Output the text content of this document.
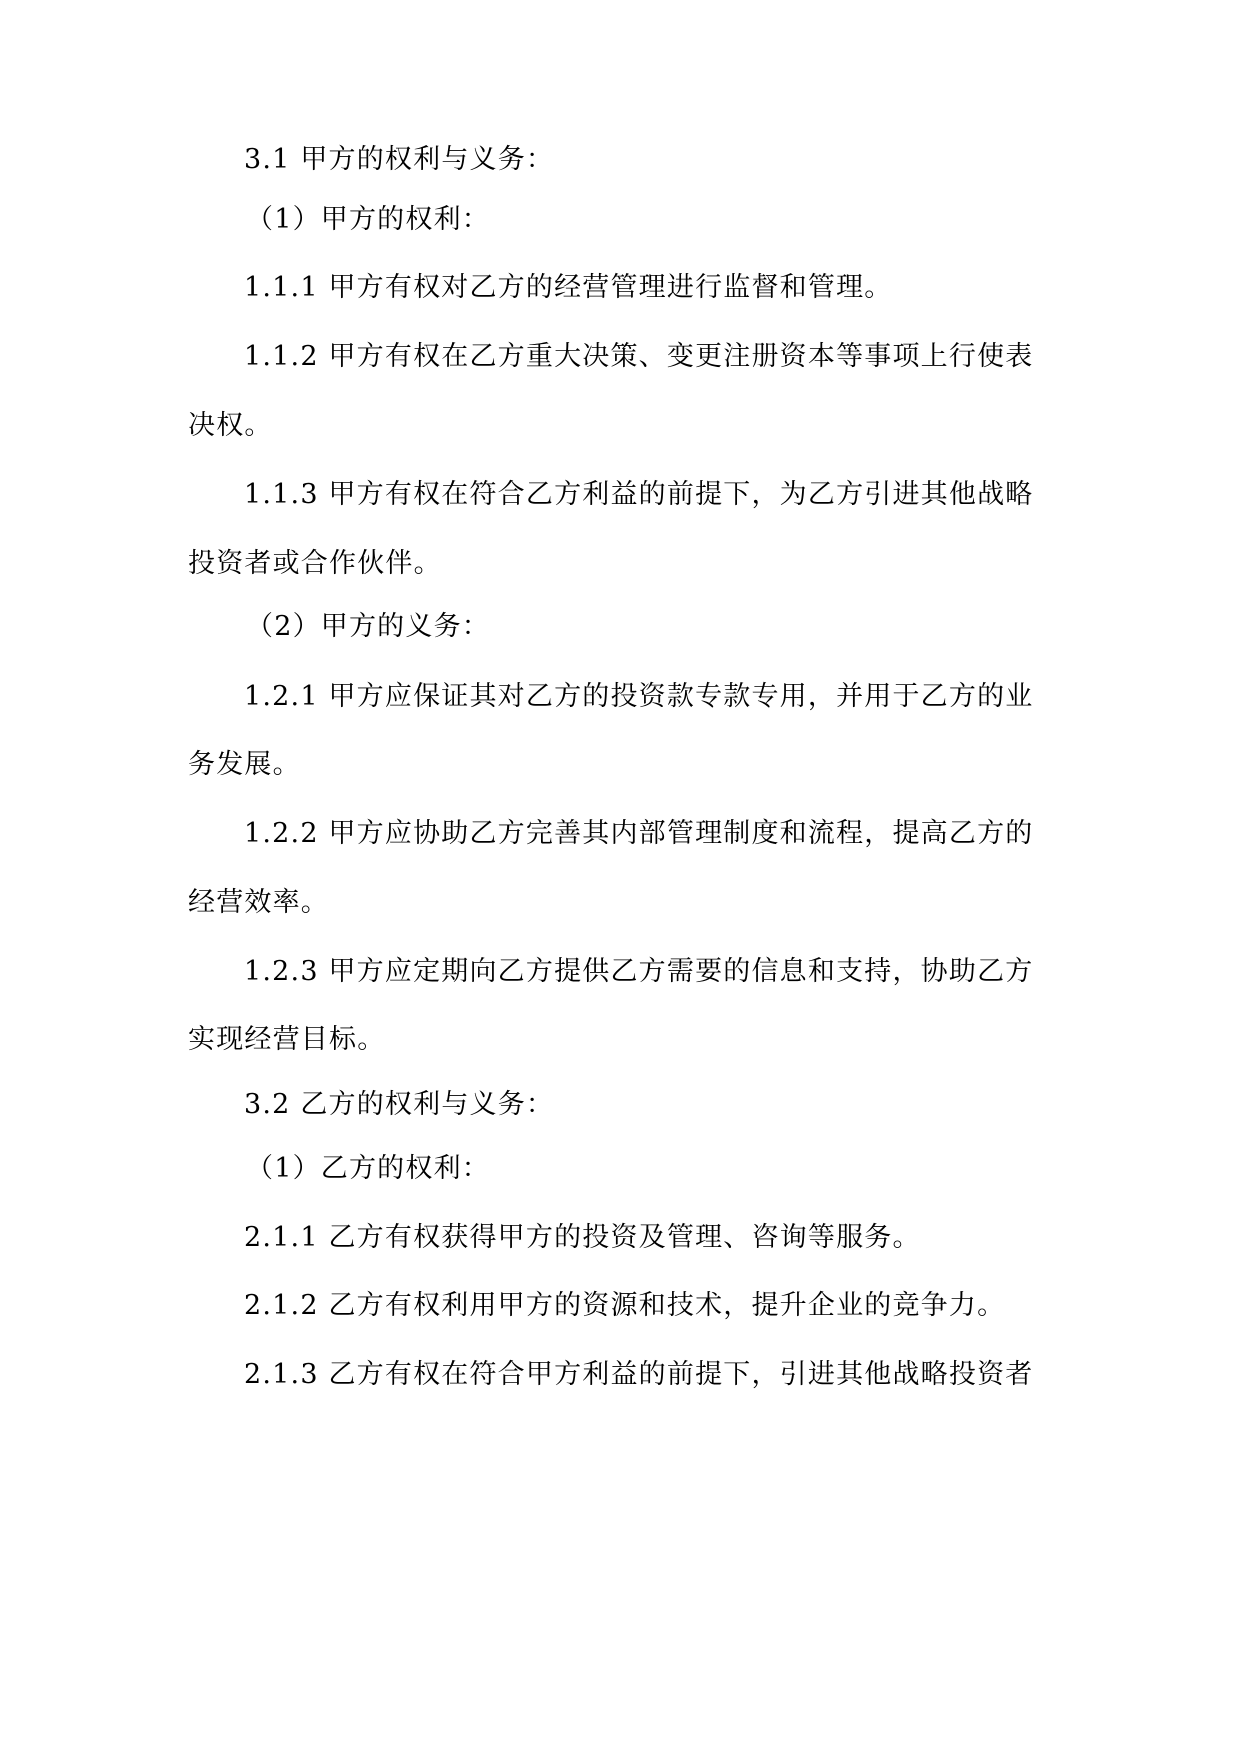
3.1 甲方的权利与义务：
（1）甲方的权利：
1.1.1 甲方有权对乙方的经营管理进行监督和管理。
1.1.2 甲方有权在乙方重大决策、变更注册资本等事项上行使表
决权。
1.1.3 甲方有权在符合乙方利益的前提下，为乙方引进其他战略
投资者或合作伙伴。
（2）甲方的义务：
1.2.1 甲方应保证其对乙方的投资款专款专用，并用于乙方的业
务发展。
1.2.2 甲方应协助乙方完善其内部管理制度和流程，提高乙方的
经营效率。
1.2.3 甲方应定期向乙方提供乙方需要的信息和支持，协助乙方
实现经营目标。
3.2 乙方的权利与义务：
（1）乙方的权利：
2.1.1 乙方有权获得甲方的投资及管理、咨询等服务。
2.1.2 乙方有权利用甲方的资源和技术，提升企业的竞争力。
2.1.3 乙方有权在符合甲方利益的前提下，引进其他战略投资者
